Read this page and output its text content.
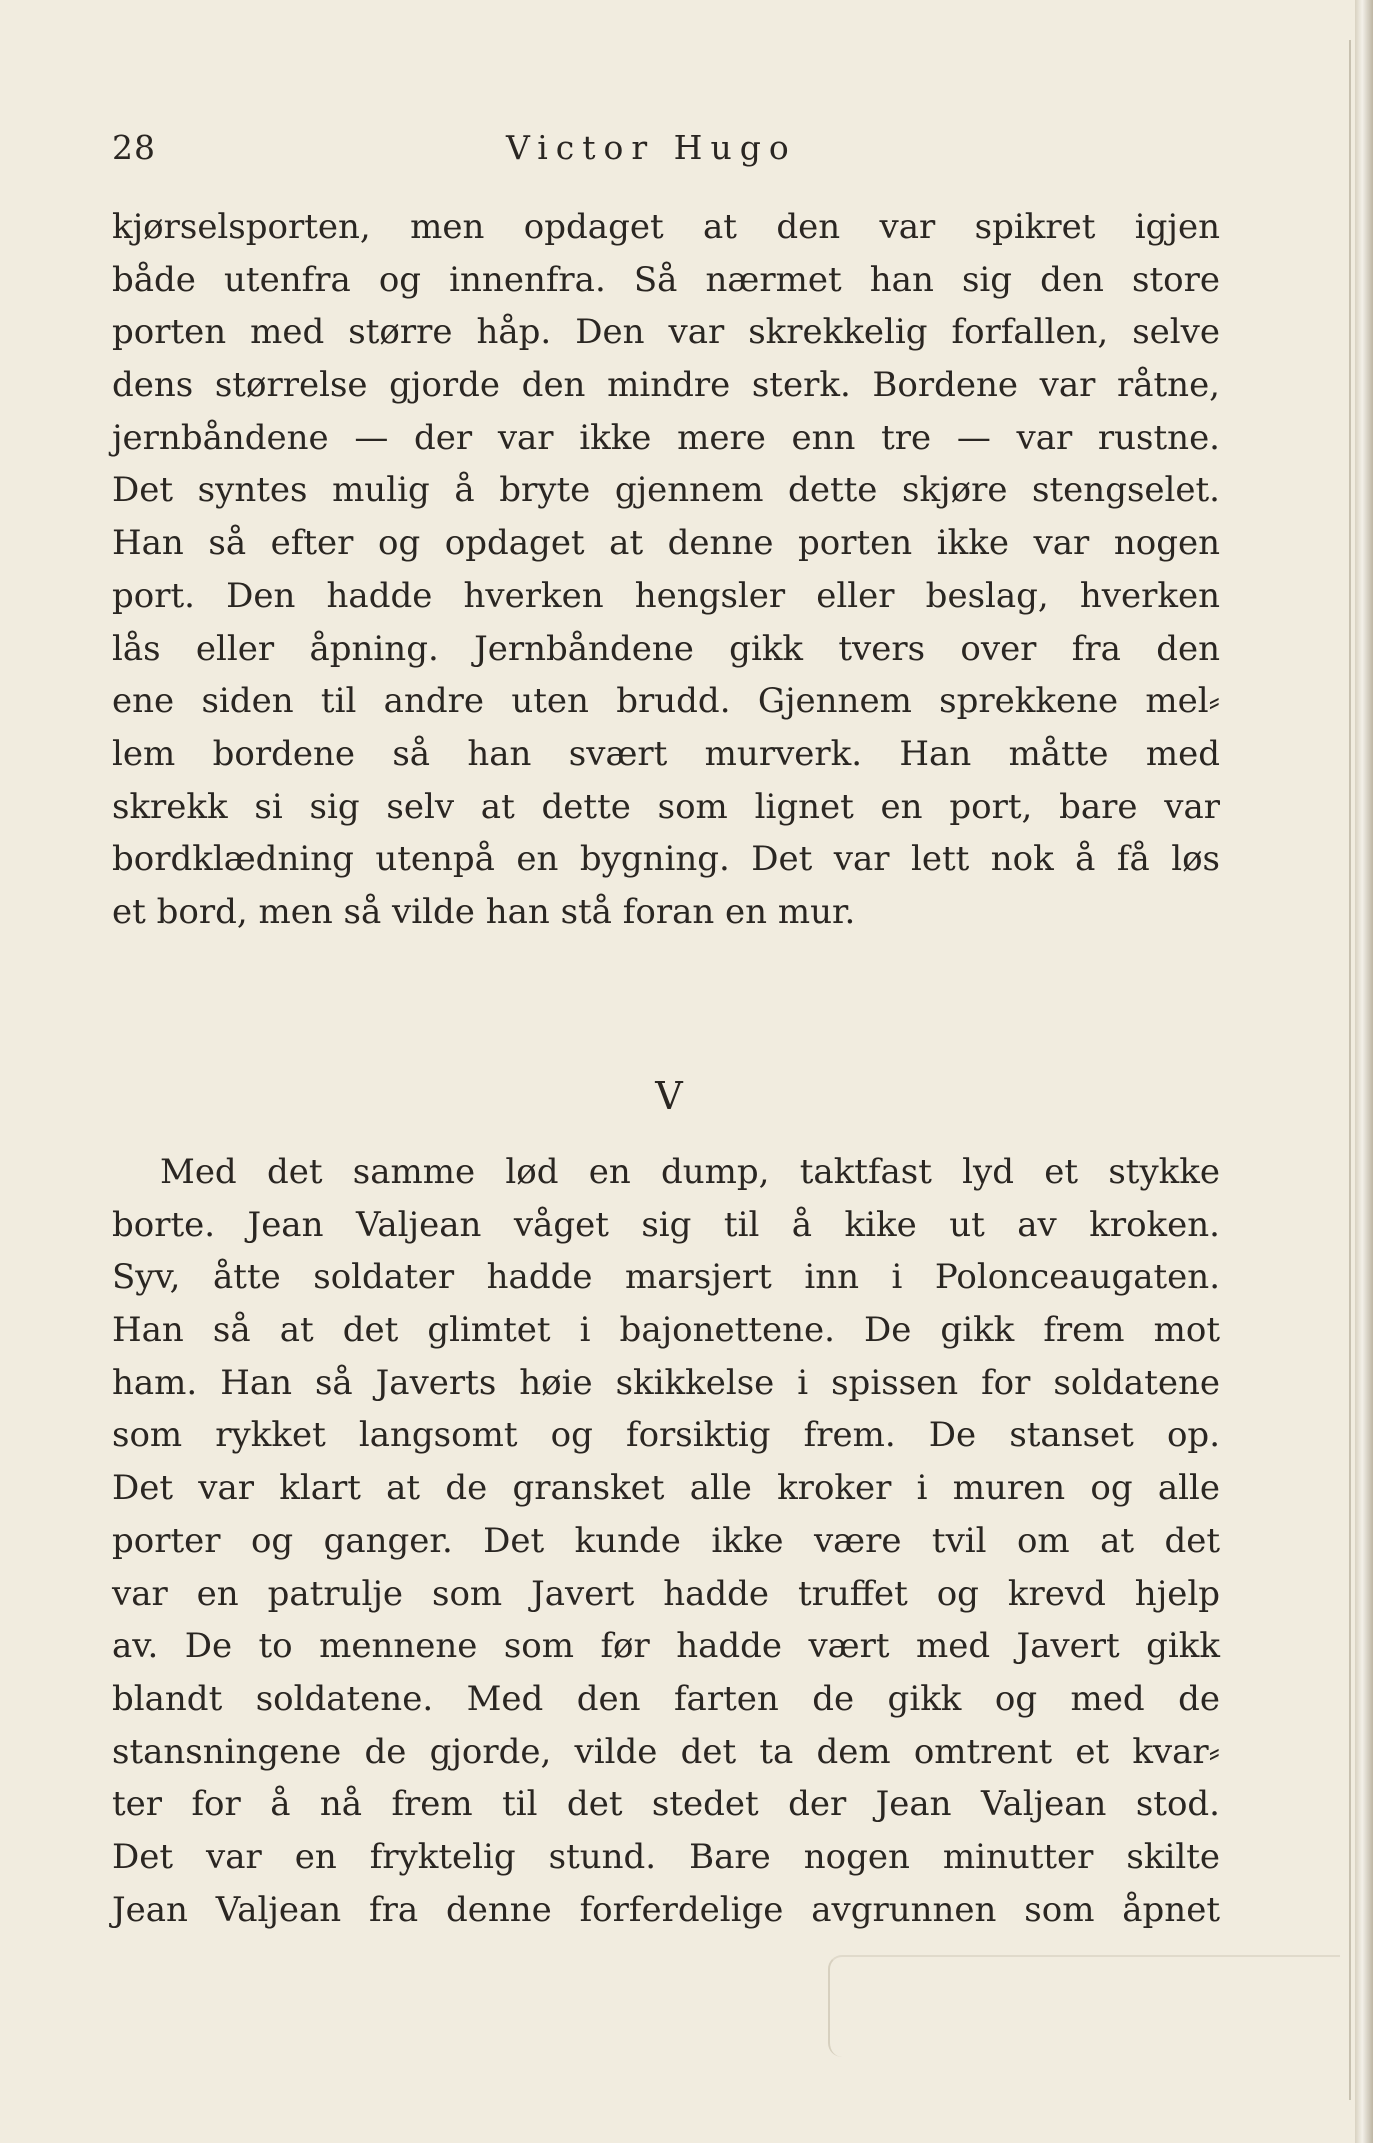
28	Victor Hugo
kjørselsporten, men opdaget at den var spikret igjen
både utenfra og innenfra. Så nærmet han sig den store
porten med større håp. Den var skrekkelig forfallen, selve
dens størrelse gjorde den mindre sterk. Bordene var råtne,
jernbåndene — der var ikke mere enn tre — var rustne.
Det syntes mulig å bryte gjennem dette skjøre stengselet.
Han så efter og opdaget at denne porten ikke var nogen
port. Den hadde hverken hengsler eller beslag, hverken
lås eller åpning. Jernbåndene gikk tvers over fra den
ene siden til andre uten brudd. Gjennem sprekkene mel⸗
lem bordene så han svært murverk. Han måtte med
skrekk si sig selv at dette som lignet en port, bare var
bordklædning utenpå en bygning. Det var lett nok å få løs
et bord, men så vilde han stå foran en mur.
V
Med det samme lød en dump, taktfast lyd et stykke
borte. Jean Valjean våget sig til å kike ut av kroken.
Syv, åtte soldater hadde marsjert inn i Polonceaugaten.
Han så at det glimtet i bajonettene. De gikk frem mot
ham. Han så Javerts høie skikkelse i spissen for soldatene
som rykket langsomt og forsiktig frem. De stanset op.
Det var klart at de gransket alle kroker i muren og alle
porter og ganger. Det kunde ikke være tvil om at det
var en patrulje som Javert hadde truffet og krevd hjelp
av. De to mennene som før hadde vært med Javert gikk
blandt soldatene. Med den farten de gikk og med de
stansningene de gjorde, vilde det ta dem omtrent et kvar⸗
ter for å nå frem til det stedet der Jean Valjean stod.
Det var en fryktelig stund. Bare nogen minutter skilte
Jean Valjean fra denne forferdelige avgrunnen som åpnet
